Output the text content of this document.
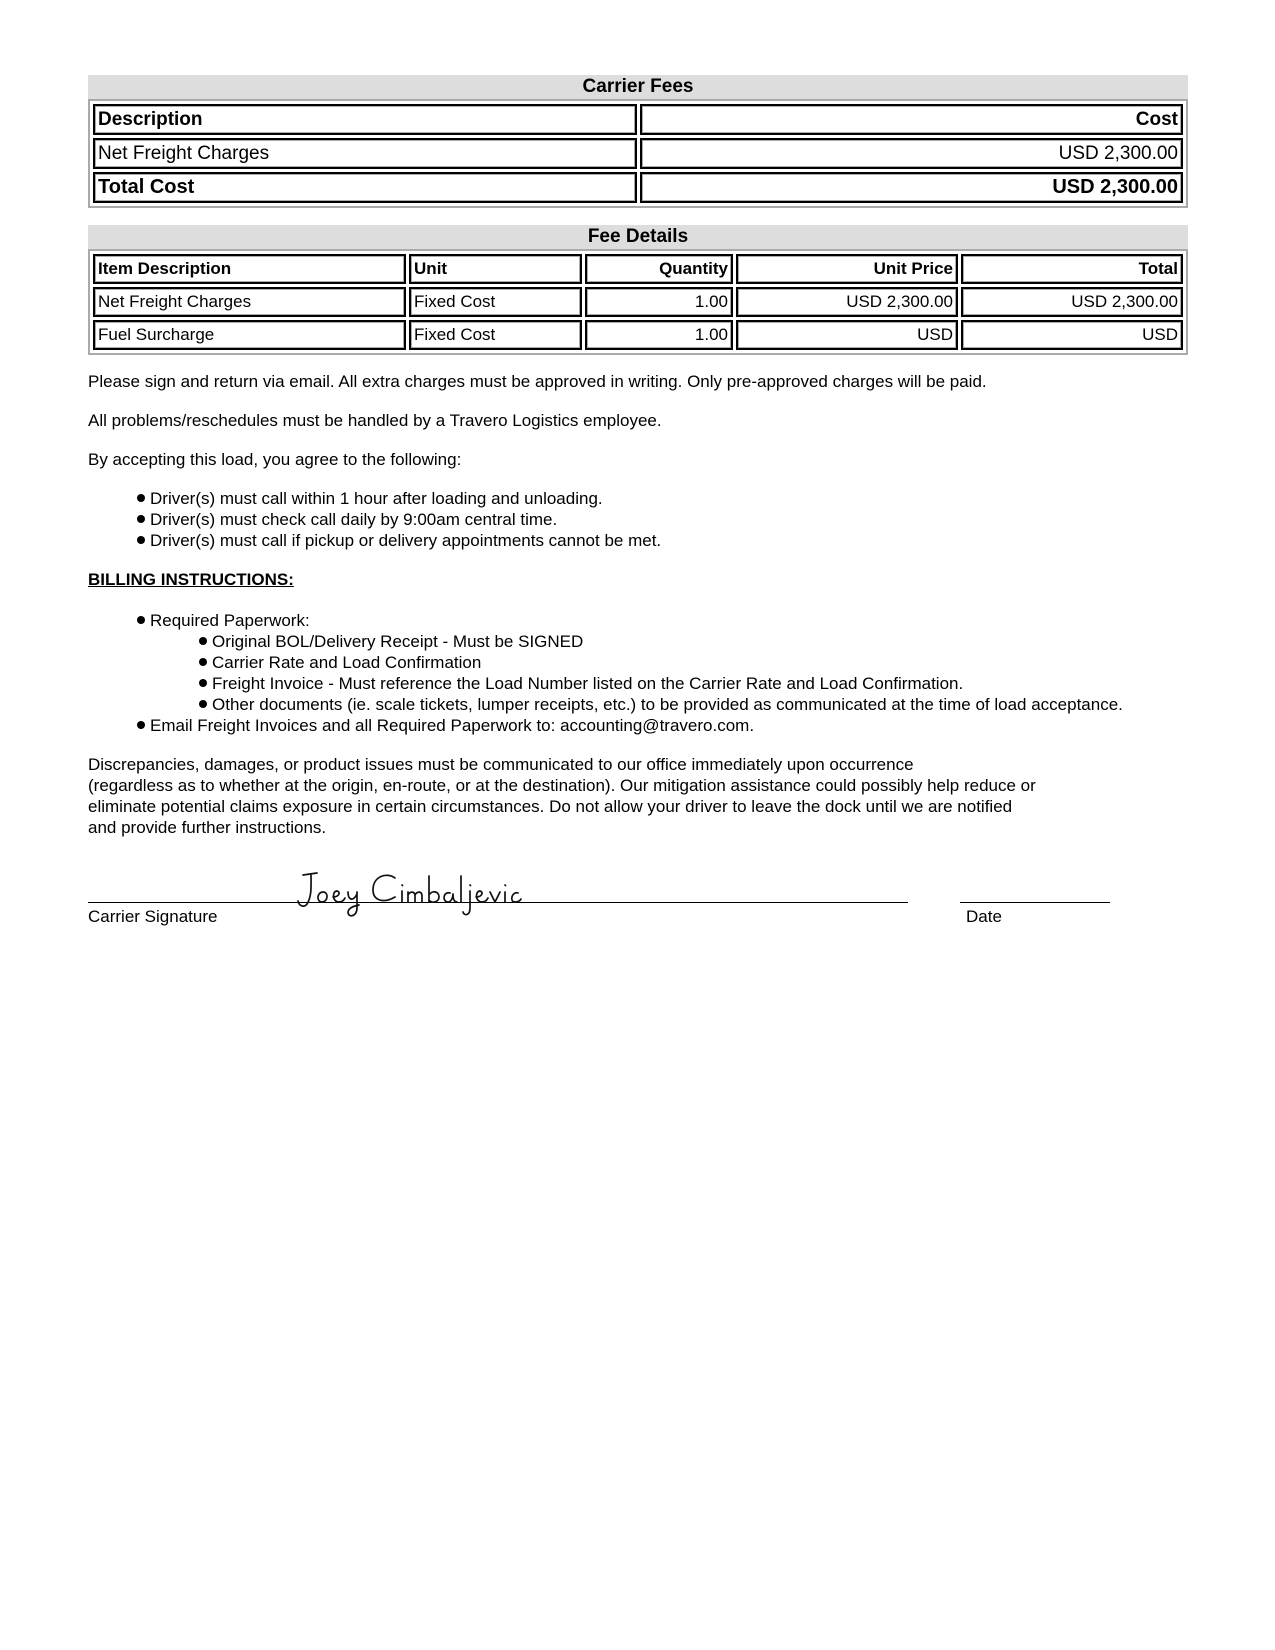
Carrier Fees
Description	Cost
Net Freight Charges	USD 2,300.00
Total Cost	USD 2,300.00
Fee Details
Item Description	Unit	Quantity	Unit Price	Total
Net Freight Charges	Fixed Cost	1.00	USD 2,300.00	USD 2,300.00
Fuel Surcharge	Fixed Cost	1.00	USD	USD

Please sign and return via email. All extra charges must be approved in writing. Only pre-approved charges will be paid.

All problems/reschedules must be handled by a Travero Logistics employee.

By accepting this load, you agree to the following:

Driver(s) must call within 1 hour after loading and unloading.
Driver(s) must check call daily by 9:00am central time.
Driver(s) must call if pickup or delivery appointments cannot be met.
BILLING INSTRUCTIONS:
Required Paperwork:
Original BOL/Delivery Receipt - Must be SIGNED
Carrier Rate and Load Confirmation
Freight Invoice - Must reference the Load Number listed on the Carrier Rate and Load Confirmation.
Other documents (ie. scale tickets, lumper receipts, etc.) to be provided as communicated at the time of load acceptance.
Email Freight Invoices and all Required Paperwork to: accounting@travero.com.

Discrepancies, damages, or product issues must be communicated to our office immediately upon occurrence
(regardless as to whether at the origin, en-route, or at the destination). Our mitigation assistance could possibly help reduce or
eliminate potential claims exposure in certain circumstances. Do not allow your driver to leave the dock until we are notified
and provide further instructions.

Carrier Signature	Date
